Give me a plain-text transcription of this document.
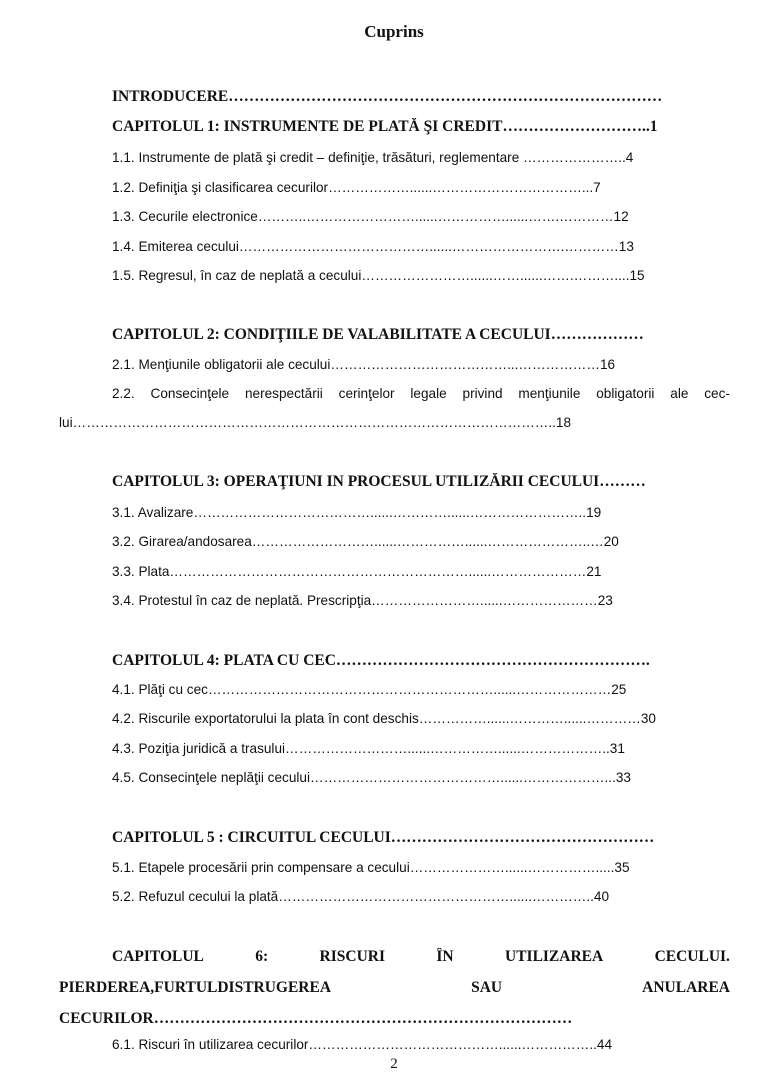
Cuprins
INTRODUCERE…………………………………………………………………………
CAPITOLUL 1: INSTRUMENTE DE PLATĂ ŞI CREDIT………………………..1
1.1. Instrumente de plată şi credit – definiţie, trăsături, reglementare …………………..4
1.2. Definiţia şi clasificarea cecurilor………………......……………………………...7
1.3. Cecurile electronice………..……………………......……………......…….…………12
1.4. Emiterea cecului……………………………………......…………………….…………13
1.5. Regresul, în caz de neplată a cecului……………………......……......…….………....15
CAPITOLUL 2: CONDIŢIILE DE VALABILITATE A CECULUI………………
2.1. Menţiunile obligatorii ale cecului…………………………………...………………16
2.2. Consecinţele nerespectării cerinţelor legale privind menţiunile obligatorii ale cec-
lui……………………………………………………………………………………………..18
CAPITOLUL 3: OPERAŢIUNI IN PROCESUL UTILIZĂRII CECULUI………
3.1. Avalizare…………………………………......…………......……………………..19
3.2. Girarea/andosarea………………………......……………......…………………..…20
3.3. Plata…………………………………………………………......…………………21
3.4. Protestul în caz de neplată. Prescripţia……………………......…………………23
CAPITOLUL 4: PLATA CU CEC…………………………………………………….
4.1. Plăţi cu cec………………………………………………………......…………………25
4.2. Riscurile exportatorului la plata în cont deschis……………......…………......…………30
4.3. Poziţia juridică a trasului………………………......……………......………………..31
4.5. Consecinţele neplăţii cecului……………………………………......………………...33
CAPITOLUL 5 : CIRCUITUL CECULUI……………………………………………
5.1. Etapele procesării prin compensare a cecului…………………......…………….....35
5.2. Refuzul cecului la plată……………………………………………......…………..40
CAPITOLUL	6:	RISCURI	ÎN	UTILIZAREA	CECULUI.
PIERDEREA,FURTULDISTRUGEREA	SAU	ANULAREA
CECURILOR………………………………………………………………………
6.1. Riscuri în utilizarea cecurilor……………………………………......……………..44
2
